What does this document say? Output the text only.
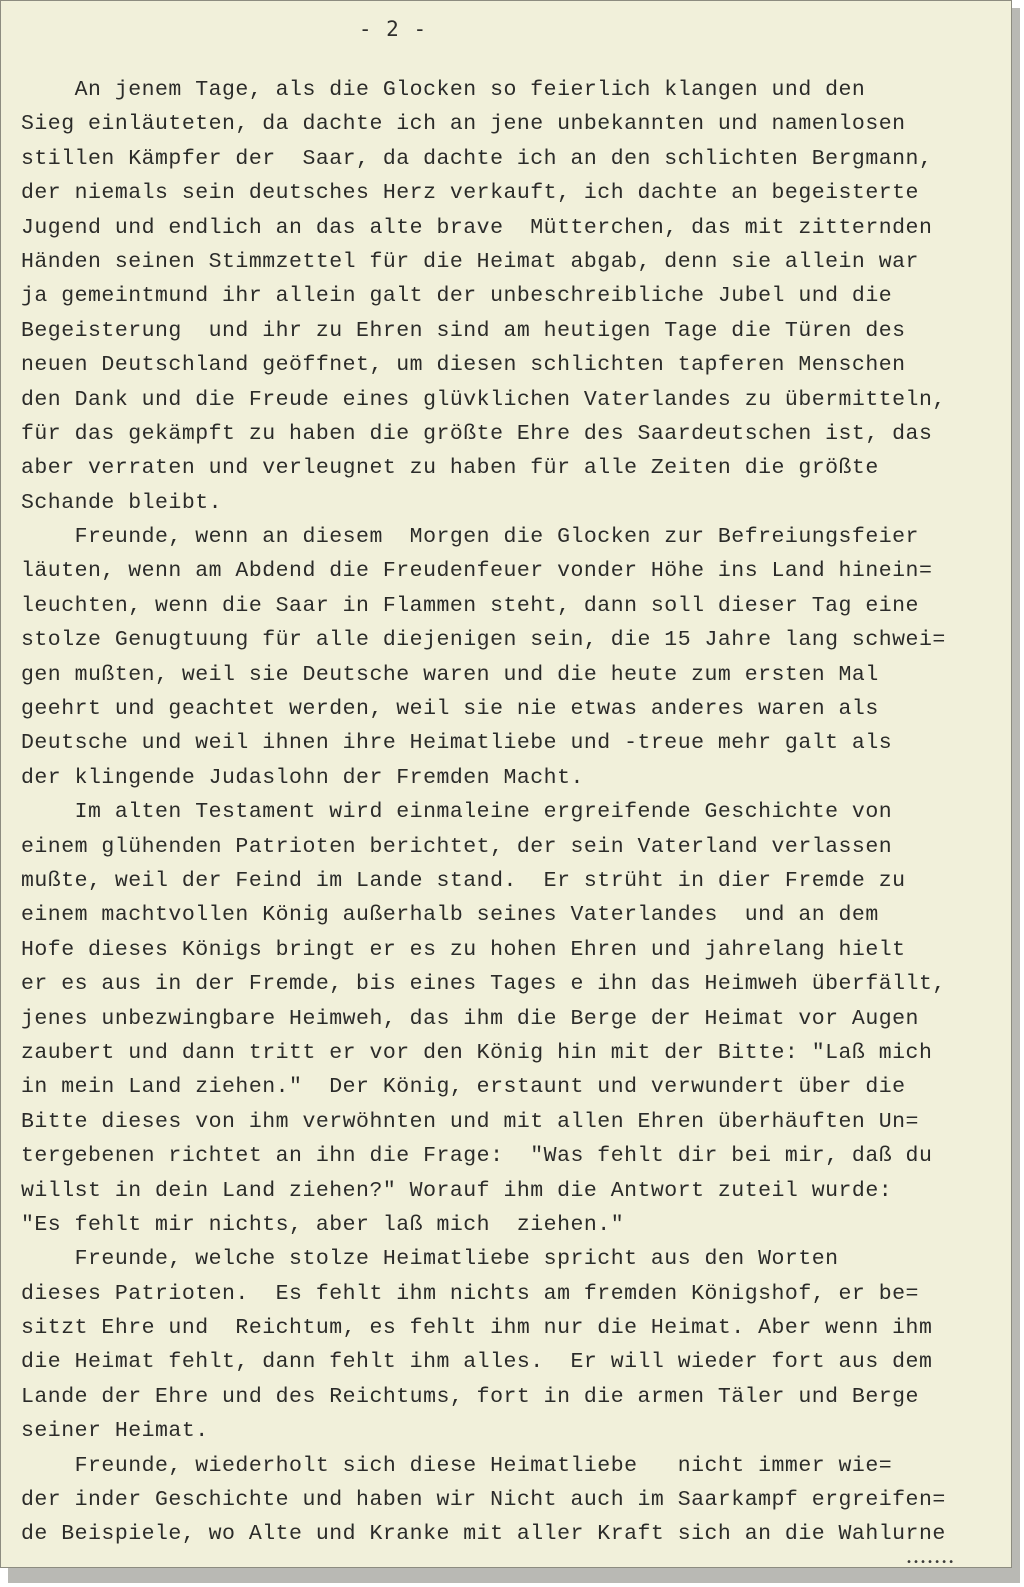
- 2 -
An jenem Tage, als die Glocken so feierlich klangen und den
Sieg einläuteten, da dachte ich an jene unbekannten und namenlosen
stillen Kämpfer der  Saar, da dachte ich an den schlichten Bergmann,
der niemals sein deutsches Herz verkauft, ich dachte an begeisterte
Jugend und endlich an das alte brave  Mütterchen, das mit zitternden
Händen seinen Stimmzettel für die Heimat abgab, denn sie allein war
ja gemeintmund ihr allein galt der unbeschreibliche Jubel und die
Begeisterung  und ihr zu Ehren sind am heutigen Tage die Türen des
neuen Deutschland geöffnet, um diesen schlichten tapferen Menschen
den Dank und die Freude eines glüvklichen Vaterlandes zu übermitteln,
für das gekämpft zu haben die größte Ehre des Saardeutschen ist, das
aber verraten und verleugnet zu haben für alle Zeiten die größte
Schande bleibt.
Freunde, wenn an diesem  Morgen die Glocken zur Befreiungsfeier
läuten, wenn am Abdend die Freudenfeuer vonder Höhe ins Land hinein=
leuchten, wenn die Saar in Flammen steht, dann soll dieser Tag eine
stolze Genugtuung für alle diejenigen sein, die 15 Jahre lang schwei=
gen mußten, weil sie Deutsche waren und die heute zum ersten Mal
geehrt und geachtet werden, weil sie nie etwas anderes waren als
Deutsche und weil ihnen ihre Heimatliebe und -treue mehr galt als
der klingende Judaslohn der Fremden Macht.
Im alten Testament wird einmaleine ergreifende Geschichte von
einem glühenden Patrioten berichtet, der sein Vaterland verlassen
mußte, weil der Feind im Lande stand.  Er strüht in dier Fremde zu
einem machtvollen König außerhalb seines Vaterlandes  und an dem
Hofe dieses Königs bringt er es zu hohen Ehren und jahrelang hielt
er es aus in der Fremde, bis eines Tages e ihn das Heimweh überfällt,
jenes unbezwingbare Heimweh, das ihm die Berge der Heimat vor Augen
zaubert und dann tritt er vor den König hin mit der Bitte: "Laß mich
in mein Land ziehen."  Der König, erstaunt und verwundert über die
Bitte dieses von ihm verwöhnten und mit allen Ehren überhäuften Un=
tergebenen richtet an ihn die Frage:  "Was fehlt dir bei mir, daß du
willst in dein Land ziehen?" Worauf ihm die Antwort zuteil wurde:
"Es fehlt mir nichts, aber laß mich  ziehen."
Freunde, welche stolze Heimatliebe spricht aus den Worten
dieses Patrioten.  Es fehlt ihm nichts am fremden Königshof, er be=
sitzt Ehre und  Reichtum, es fehlt ihm nur die Heimat. Aber wenn ihm
die Heimat fehlt, dann fehlt ihm alles.  Er will wieder fort aus dem
Lande der Ehre und des Reichtums, fort in die armen Täler und Berge
seiner Heimat.
Freunde, wiederholt sich diese Heimatliebe   nicht immer wie=
der inder Geschichte und haben wir Nicht auch im Saarkampf ergreifen=
de Beispiele, wo Alte und Kranke mit aller Kraft sich an die Wahlurne
•••••••
